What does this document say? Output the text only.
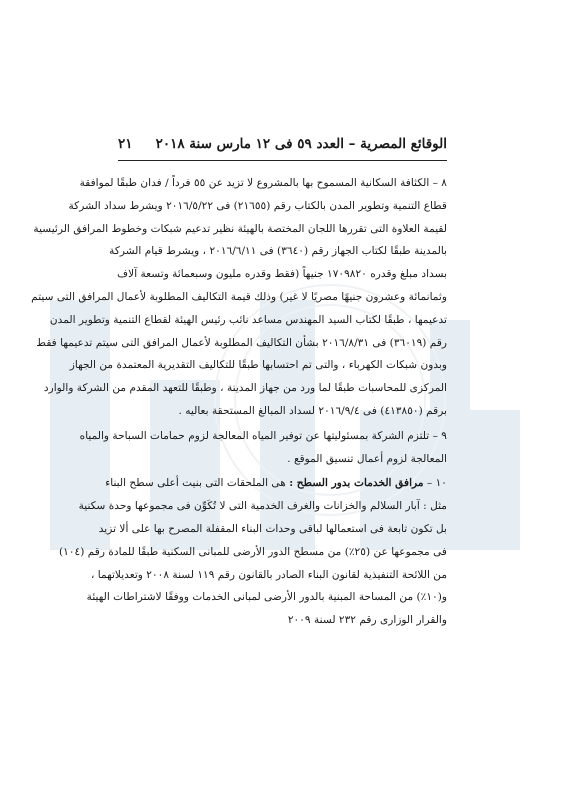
الوقائع المصرية – العدد ٥٩ فى ١٢ مارس سنة ٢٠١٨
٢١
٨ – الكثافة السكانية المسموح بها بالمشروع لا تزيد عن ٥٥ فرداً / فدان طبقًا لموافقة
قطاع التنمية وتطوير المدن بالكتاب رقم (٢١٦٥٥) فى ٢٠١٦/٥/٢٢ ويشرط سداد الشركة
لقيمة العلاوة التى تقررها اللجان المختصة بالهيئة نظير تدعيم شبكات وخطوط المرافق الرئيسية
بالمدينة طبقًا لكتاب الجهاز رقم (٣٦٤٠) فى ٢٠١٦/٦/١١ ، ويشرط قيام الشركة
بسداد مبلغ وقدره ١٧٠٩٨٢٠ جنيهاً (فقط وقدره مليون وسبعمائة وتسعة آلاف
وثمانمائة وعشرون جنيهًا مصريًا لا غير) وذلك قيمة التكاليف المطلوبة لأعمال المرافق التى سيتم
تدعيمها ، طبقًا لكتاب السيد المهندس مساعد نائب رئيس الهيئة لقطاع التنمية وتطوير المدن
رقم (٣٦٠١٩) فى ٢٠١٦/٨/٣١ بشأن التكاليف المطلوبة لأعمال المرافق التى سيتم تدعيمها فقط
وبدون شبكات الكهرباء ، والتى تم احتسابها طبقًا للتكاليف التقديرية المعتمدة من الجهاز
المركزى للمحاسبات طبقًا لما ورد من جهاز المدينة ، وطبقًا للتعهد المقدم من الشركة والوارد
برقم (٤١٣٨٥٠) فى ٢٠١٦/٩/٤ لسداد المبالغ المستحقة بعاليه .
٩ – تلتزم الشركة بمسئوليتها عن توفير المياه المعالجة لزوم حمامات السباحة والمياه
المعالجة لزوم أعمال تنسيق الموقع .
١٠ – مرافق الخدمات بدور السطح : هى الملحقات التى بنيت أعلى سطح البناء
مثل : آبار السلالم والخزانات والغرف الخدمية التى لا تُكَوِّن فى مجموعها وحدة سكنية
بل تكون تابعة فى استعمالها لباقى وحدات البناء المقفلة المصرح بها على ألا تزيد
فى مجموعها عن (٢٥٪) من مسطح الدور الأرضى للمبانى السكنية طبقًا للمادة رقم (١٠٤)
من اللائحة التنفيذية لقانون البناء الصادر بالقانون رقم ١١٩ لسنة ٢٠٠٨ وتعديلاتهما ،
و(١٠٪) من المساحة المبنية بالدور الأرضى لمبانى الخدمات ووفقًا لاشتراطات الهيئة
والقرار الوزارى رقم ٢٣٢ لسنة ٢٠٠٩
